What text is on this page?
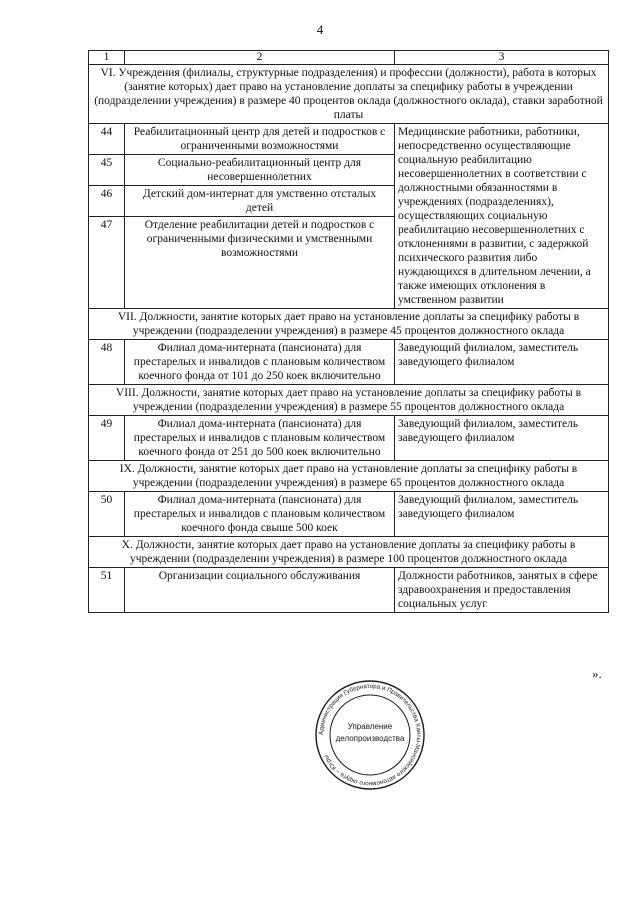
4
1	2	3
VI. Учреждения (филиалы, структурные подразделения) и профессии (должности), работа в которых (занятие которых) дает право на установление доплаты за специфику работы в учреждении (подразделении учреждения) в размере 40 процентов оклада (должностного оклада), ставки заработной платы		
44	Реабилитационный центр для детей и подростков с ограниченными возможностями	Медицинские работники, работники, непосредственно осуществляющие социальную реабилитацию несовершеннолетних в соответствии с должностными обязанностями в учреждениях (подразделениях), осуществляющих социальную реабилитацию несовершеннолетних с отклонениями в развитии, с задержкой психического развития либо нуждающихся в длительном лечении, а также имеющих отклонения в умственном развитии
45	Социально-реабилитационный центр для несовершеннолетних	
46	Детский дом-интернат для умственно отсталых детей	
47	Отделение реабилитации детей и подростков с ограниченными физическими и умственными возможностями	
VII. Должности, занятие которых дает право на установление доплаты за специфику работы в учреждении (подразделении учреждения) в размере 45 процентов должностного оклада		
48	Филиал дома-интерната (пансионата) для престарелых и инвалидов с плановым количеством коечного фонда от 101 до 250 коек включительно	Заведующий филиалом, заместитель заведующего филиалом
VIII. Должности, занятие которых дает право на установление доплаты за специфику работы в учреждении (подразделении учреждения) в размере 55 процентов должностного оклада		
49	Филиал дома-интерната (пансионата) для престарелых и инвалидов с плановым количеством коечного фонда от 251 до 500 коек включительно	Заведующий филиалом, заместитель заведующего филиалом
IX. Должности, занятие которых дает право на установление доплаты за специфику работы в учреждении (подразделении учреждения) в размере 65 процентов должностного оклада		
50	Филиал дома-интерната (пансионата) для престарелых и инвалидов с плановым количеством коечного фонда свыше 500 коек	Заведующий филиалом, заместитель заведующего филиалом
X. Должности, занятие которых дает право на установление доплаты за специфику работы в учреждении (подразделении учреждения) в размере 100 процентов должностного оклада		
51	Организации социального обслуживания	Должности работников, занятых в сфере здравоохранения и предоставления социальных услуг
».
Администрация Губернатора и Правительства Ханты-Мансийского автономного округа – Югры
Управление
делопроизводства
